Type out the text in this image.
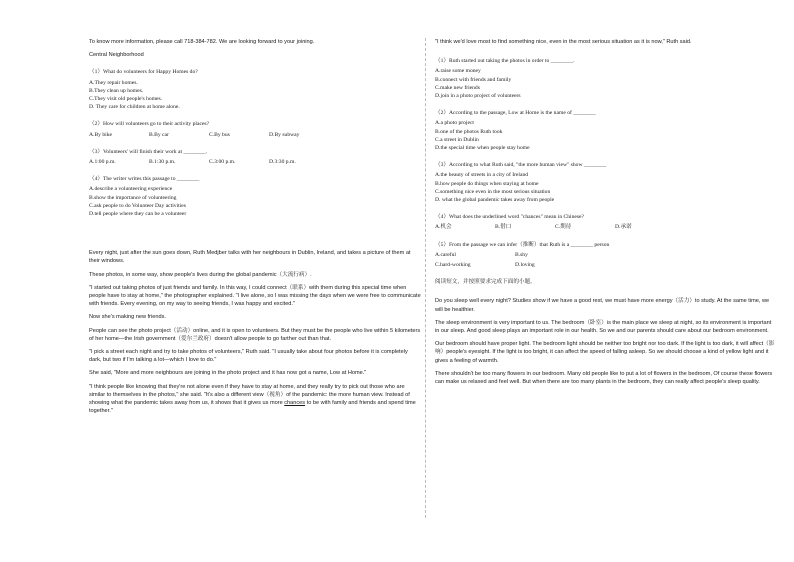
To know more information, please call 718-384-782. We are looking forward to your joining.

Central Neighborhood

（1）What do volunteers for Happy Homes do?

A.They repair homes.

B.They clean up homes.

C.They visit old people's homes.

D. They care for children at home alone.

（2）How will volunteers go to their activity places?

A.By bike	B.By car	C.By bus	D.By subway

（3）Volunteers' will finish their work at ________.

A.1:00 p.m.	B.1:30 p.m.	C.3:00 p.m.	D.3:30 p.m.

（4）The writer writes this passage to ________

A.describe a volunteering experience

B.show the importance of volunteering

C.ask people to do Volunteer Day activities

D.tell people where they can be a volunteer

Every night, just after the sun goes down, Ruth Medjber talks with her neighbours in Dublin, Ireland, and takes a picture of them at their windows.

These photos, in some way, show people's lives during the global pandemic（大流行病）.

"I started out taking photos of just friends and family. In this way, I could connect（联系）with them during this special time when people have to stay at home," the photographer explained. "I live alone, so I was missing the days when we were free to communicate with friends. Every evening, on my way to seeing friends, I was happy and excited."

Now she's making new friends.

People can see the photo project（活动）online, and it is open to volunteers. But they must be the people who live within 5 kilometers of her home—the Irish government（爱尔兰政府）doesn't allow people to go farther out than that.

"I pick a street each night and try to take photos of volunteers," Ruth said. "I usually take about four photos before it is completely dark, but two if I'm talking a lot—which I love to do."

She said, "More and more neighbours are joining in the photo project and it has now got a name, Low at Home."

"I think people like knowing that they're not alone even if they have to stay at home, and they really try to pick out those who are similar to themselves in the photos," she said. "It's also a different view（视角）of the pandemic: the more human view. Instead of showing what the pandemic takes away from us, it shows that it gives us more chances to be with family and friends and spend time together."

"I think we'd love most to find something nice, even in the most serious situation as it is now," Ruth said.

（1）Ruth started out taking the photos in order to ________.

A.raise some money

B.connect with friends and family

C.make new friends

D.join in a photo project of volunteers

（2）According to the passage, Low at Home is the name of ________

A.a photo project

B.one of the photos Ruth took

C.a street in Dublin

D.the special time when people stay home

（3）According to what Ruth said, "the more human view" show ________

A.the beauty of streets in a city of Ireland

B.how people do things when staying at home

C.something nice even in the most serious situation

D. what the global pandemic takes away from people

（4）What does the underlined word "chances" mean in Chinese?

A.机会	B.借口	C.期待	D.承诺

（5）From the passage we can infer（推断）that Ruth is a ________ person

A.careful	B.shy
C.hard-working	D.loving

阅读短文，并按照要求完成下面的小题。

Do you sleep well every night? Studies show if we have a good rest, we must have more energy（活力）to study. At the same time, we will be healthier.

The sleep environment is very important to us. The bedroom（卧室）is the main place we sleep at night, so its environment is important in our sleep. And good sleep plays an important role in our health. So we and our parents should care about our bedroom environment.

Our bedroom should have proper light. The bedroom light should be neither too bright nor too dark. If the light is too dark, it will affect（影响）people's eyesight. If the light is too bright, it can affect the speed of falling asleep. So we should choose a kind of yellow light and it gives a feeling of warmth.

There shouldn't be too many flowers in our bedroom. Many old people like to put a lot of flowers in the bedroom, Of course these flowers can make us relaxed and feel well. But when there are too many plants in the bedroom, they can really affect people's sleep quality.
